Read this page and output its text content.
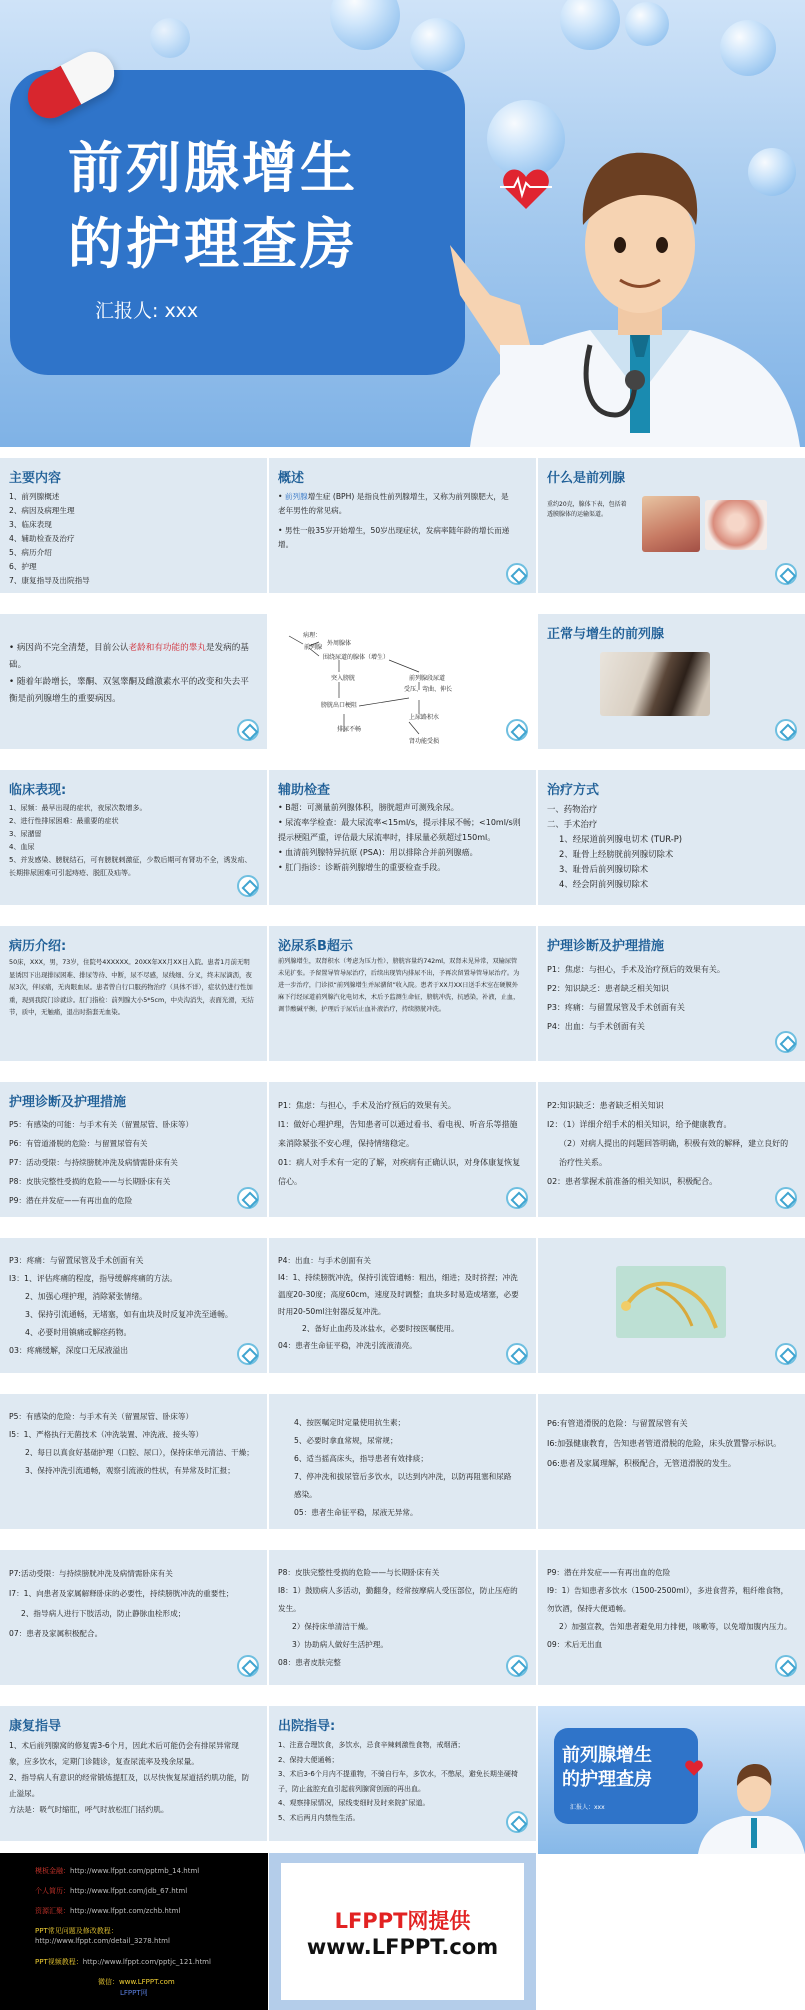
前列腺增生
的护理查房
汇报人: xxx
主要内容

1、前列腺概述

2、病因及病理生理

3、临床表现

4、辅助检查及治疗

5、病历介绍

6、护理

7、康复指导及出院指导

概述

• 前列腺增生症 (BPH) 是指良性前列腺增生，又称为前列腺肥大，是老年男性的常见病。

• 男性一般35岁开始增生，50岁出现症状，发病率随年龄的增长而递增。

什么是前列腺
重约20克，腺体下表，包括着透膜腺体的运输渠道。

• 病因尚不完全清楚，目前公认老龄和有功能的睾丸是发病的基础。

• 随着年龄增长，睾酮、双氢睾酮及雌激素水平的改变和失去平衡是前列腺增生的重要病因。

病理：
前列腺
外周腺体
围绕尿道的腺体（增生）
突入膀胱	前列腺段尿道
受压、弯曲、伸长
膀胱出口梗阻
上尿路积水
排尿不畅
肾功能受损
正常与增生的前列腺
临床表现:

1、尿频：最早出现的症状，夜尿次数增多。

2、进行性排尿困难：最重要的症状

3、尿潴留

4、血尿

5、并发感染、膀胱结石，可有膀胱刺激征，少数后期可有肾功不全，诱发疝、长期排尿困难可引起痔疮、脱肛及疝等。

辅助检查

• B超：可测量前列腺体积，膀胱超声可测残余尿。

• 尿流率学检查：最大尿流率<15ml/s，提示排尿不畅；<10ml/s则提示梗阻严重，评估最大尿流率时，排尿量必须超过150ml。

• 血清前列腺特异抗原 (PSA)：用以排除合并前列腺癌。

• 肛门指诊：诊断前列腺增生的重要检查手段。

治疗方式

一、药物治疗

二、手术治疗

1、经尿道前列腺电切术 (TUR-P)

2、耻骨上经膀胱前列腺切除术

3、耻骨后前列腺切除术

4、经会阴前列腺切除术

病历介绍:
50床，XXX，男，73岁，住院号4XXXXX。20XX年XX月XX日入院。患者1月前无明显诱因下出现排尿困难、排尿等待、中断，尿不尽感，尿线细、分叉，终末尿滴沥，夜尿3次，伴尿痛，无肉眼血尿。患者曾自行口服药物治疗（具体不详），症状仍进行性加重，现到我院门诊就诊。肛门指检：前列腺大小5*5cm，中央沟消失，表面光滑，无结节，质中，无触痛，退出时指套无血染。
泌尿系B超示
前列腺增生，双肾积水（考虑为压力性），膀胱容量约742ml，双肾未见异常，双输尿管未见扩张。予留置导管导尿治疗，后续出现管内排尿不出，予再次留置导管导尿治疗。为进一步治疗，门诊拟“前列腺增生并尿潴留”收入院。患者于XX月XX日送手术室在硬膜外麻下行经尿道前列腺汽化电切术，术后予监测生命征，膀胱冲洗，抗感染，补液，止血，调节酸碱平衡，护理后于尿后止血补液治疗，持续膀胱冲洗。
护理诊断及护理措施

P1：焦虑：与担心，手术及治疗预后的效果有关。

P2：知识缺乏：患者缺乏相关知识

P3：疼痛：与留置尿管及手术创面有关

P4：出血：与手术创面有关

护理诊断及护理措施

P5：有感染的可能：与手术有关（留置尿管、卧床等）

P6：有管道滑脱的危险：与留置尿管有关

P7：活动受限：与持续膀胱冲洗及病情需卧床有关

P8：皮肤完整性受损的危险——与长期卧床有关

P9：潜在并发症——有再出血的危险

P1：焦虑：与担心，手术及治疗预后的效果有关。

I1：做好心理护理，告知患者可以通过看书、看电视、听音乐等措施来消除紧张不安心理，保持情绪稳定。

01：病人对手术有一定的了解，对疾病有正确认识，对身体康复恢复信心。

P2:知识缺乏：患者缺乏相关知识

I2：（1）详细介绍手术的相关知识，给予健康教育。

（2）对病人提出的问题回答明确，积极有效的解释，建立良好的治疗性关系。

02：患者掌握术前准备的相关知识，积极配合。

P3：疼痛：与留置尿管及手术创面有关

I3：1、评估疼痛的程度，指导缓解疼痛的方法。

2、加强心理护理，消除紧张情绪。

3、保持引流通畅，无堵塞，如有血块及时反复冲洗至通畅。

4、必要时用镇痛或解痉药物。

03：疼痛缓解，深度口无尿液溢出

P4：出血：与手术创面有关

I4：1、持续膀胱冲洗，保持引流管通畅：粗出，细进；及时挤捏；冲洗温度20-30度；高度60cm，速度及时调整；血块多时易造成堵塞，必要时用20-50ml注射器反复冲洗。

2、备好止血药及冰盐水，必要时按医嘱使用。

04：患者生命征平稳，冲洗引流液清亮。

P5：有感染的危险：与手术有关（留置尿管、卧床等）

I5：1、严格执行无菌技术（冲洗装置、冲洗液、接头等）

2、每日以真食好基础护理（口腔、尿口），保持床单元清洁、干燥；

3、保持冲洗引流通畅，观察引流液的性状，有异常及时汇报；

4、按医嘱定时定量使用抗生素；

5、必要时拿血常规，尿常规；

6、适当摇高床头，指导患者有效排痰；

7、停冲洗和拔尿管后多饮水，以达到内冲洗，以防再阻塞和尿路感染。

05：患者生命征平稳，尿液无异常。

P6:有管道滑脱的危险：与留置尿管有关

I6:加强健康教育，告知患者管道滑脱的危险，床头放置警示标识。

06:患者及家属理解，积极配合，无管道滑脱的发生。

P7:活动受限：与持续膀胱冲洗及病情需卧床有关

I7：1、向患者及家属解释卧床的必要性，持续膀胱冲洗的重要性；

2、指导病人进行下肢活动，防止静脉血栓形成；

07：患者及家属积极配合。

P8：皮肤完整性受损的危险——与长期卧床有关

I8：1）鼓励病人多活动，勤翻身，经常按摩病人受压部位，防止压疮的发生。

2）保持床单清洁干燥。

3）协助病人做好生活护理。

08：患者皮肤完整

P9：潜在并发症——有再出血的危险

I9：1）告知患者多饮水（1500-2500ml），多进食营养，粗纤维食物，勿饮酒，保持大便通畅。

2）加强宣教，告知患者避免用力排便，咳嗽等，以免增加腹内压力。

09：术后无出血

康复指导

1、术后前列腺窝的修复需3-6个月，因此术后可能仍会有排尿异常现象，应多饮水，定期门诊随诊，复查尿流率及残余尿量。

2、指导病人有意识的经常锻炼提肛及，以尽快恢复尿道括约肌功能，防止溢尿。

方法是：吸气时缩肛，呼气时放松肛门括约肌。

出院指导:

1、注意合理饮食，多饮水，忌食辛辣刺激性食物，戒烟酒；

2、保持大便通畅；

3、术后3-6个月内不提重物，不骑自行车，多饮水，不憋尿，避免长期坐硬椅子，防止盆腔充血引起前列腺窝创面的再出血。

4、观察排尿情况，尿线变细时及时来院扩尿道。

5、术后两月内禁性生活。

前列腺增生
的护理查房
汇报人：xxx

模板金融：http://www.lfppt.com/pptmb_14.html

个人简历：http://www.lfppt.com/jdb_67.html

资源汇聚：http://www.lfppt.com/zchb.html

PPT常见问题及修改教程：

http://www.lfppt.com/detail_3278.html

PPT视频教程：http://www.lfppt.com/pptjc_121.html

微信：www.LFPPT.com

LFPPT网

LFPPT网提供
www.LFPPT.com
